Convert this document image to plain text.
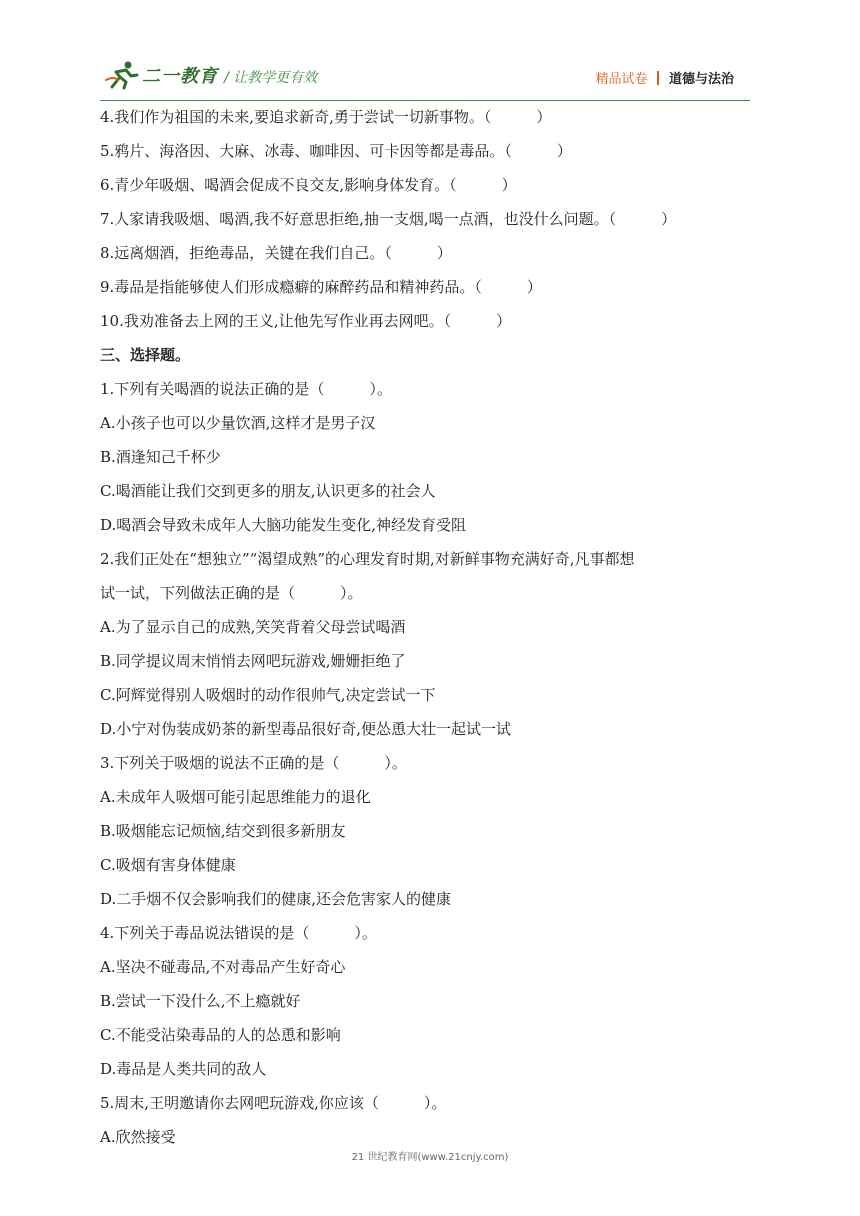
二一教育 / 让教学更有效	精品试卷 道德与法治
4.我们作为祖国的未来,要追求新奇,勇于尝试一切新事物。（　　　）
5.鸦片、海洛因、大麻、冰毒、咖啡因、可卡因等都是毒品。（　　　）
6.青少年吸烟、喝酒会促成不良交友,影响身体发育。（　　　）
7.人家请我吸烟、喝酒,我不好意思拒绝,抽一支烟,喝一点酒，也没什么问题。（　　　）
8.远离烟酒，拒绝毒品，关键在我们自己。（　　　）
9.毒品是指能够使人们形成瘾癖的麻醉药品和精神药品。（　　　）
10.我劝准备去上网的王义,让他先写作业再去网吧。（　　　）
三、选择题。
1.下列有关喝酒的说法正确的是（　　　）。
A.小孩子也可以少量饮酒,这样才是男子汉
B.酒逢知己千杯少
C.喝酒能让我们交到更多的朋友,认识更多的社会人
D.喝酒会导致未成年人大脑功能发生变化,神经发育受阻
2.我们正处在“想独立”“渴望成熟”的心理发育时期,对新鲜事物充满好奇,凡事都想
试一试，下列做法正确的是（　　　）。
A.为了显示自己的成熟,笑笑背着父母尝试喝酒
B.同学提议周末悄悄去网吧玩游戏,姗姗拒绝了
C.阿辉觉得别人吸烟时的动作很帅气,决定尝试一下
D.小宁对伪装成奶茶的新型毒品很好奇,便怂恿大壮一起试一试
3.下列关于吸烟的说法不正确的是（　　　）。
A.未成年人吸烟可能引起思维能力的退化
B.吸烟能忘记烦恼,结交到很多新朋友
C.吸烟有害身体健康
D.二手烟不仅会影响我们的健康,还会危害家人的健康
4.下列关于毒品说法错误的是（　　　）。
A.坚决不碰毒品,不对毒品产生好奇心
B.尝试一下没什么,不上瘾就好
C.不能受沾染毒品的人的怂恿和影响
D.毒品是人类共同的敌人
5.周末,王明邀请你去网吧玩游戏,你应该（　　　）。
A.欣然接受
21 世纪教育网(www.21cnjy.com)
